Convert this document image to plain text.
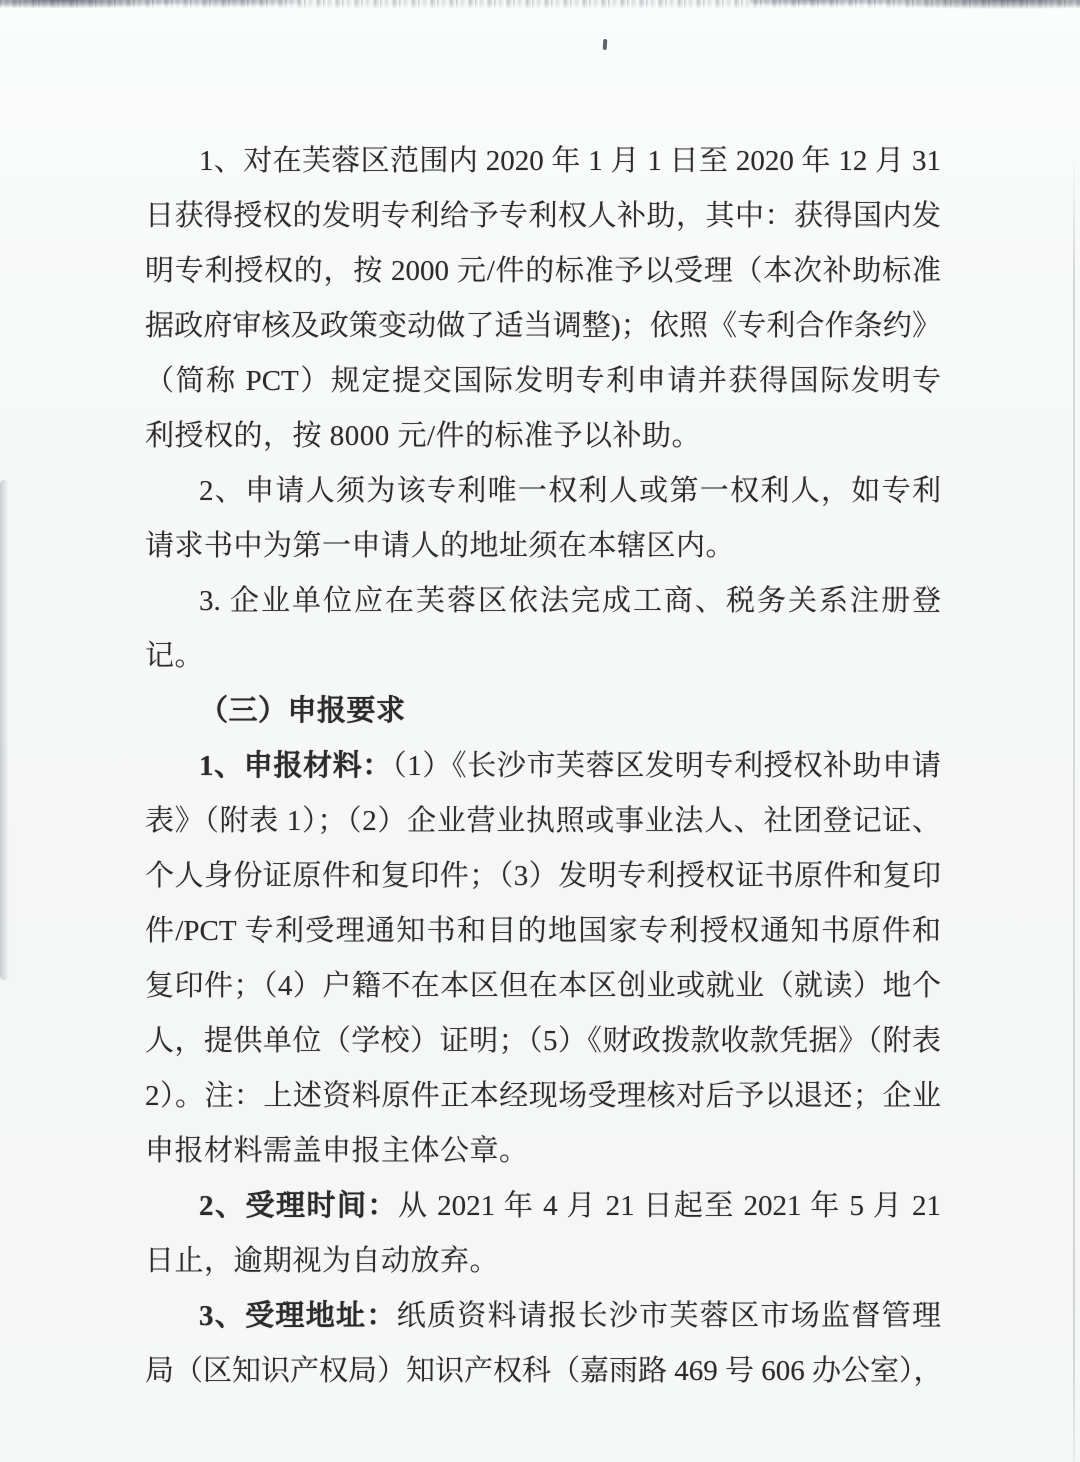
1、对在芙蓉区范围内 2020 年 1 月 1 日至 2020 年 12 月 31
日获得授权的发明专利给予专利权人补助，其中：获得国内发
明专利授权的，按 2000 元/件的标准予以受理（本次补助标准
据政府审核及政策变动做了适当调整)；依照《专利合作条约》
（简称 PCT）规定提交国际发明专利申请并获得国际发明专
利授权的，按 8000 元/件的标准予以补助。
2、申请人须为该专利唯一权利人或第一权利人，如专利
请求书中为第一申请人的地址须在本辖区内。
3. 企业单位应在芙蓉区依法完成工商、税务关系注册登
记。
（三）申报要求
1、申报材料：（1）《长沙市芙蓉区发明专利授权补助申请
表》（附表 1）；（2）企业营业执照或事业法人、社团登记证、
个人身份证原件和复印件；（3）发明专利授权证书原件和复印
件/PCT 专利受理通知书和目的地国家专利授权通知书原件和
复印件；（4）户籍不在本区但在本区创业或就业（就读）地个
人，提供单位（学校）证明；（5）《财政拨款收款凭据》（附表
2）。注：上述资料原件正本经现场受理核对后予以退还；企业
申报材料需盖申报主体公章。
2、受理时间：从 2021 年 4 月 21 日起至 2021 年 5 月 21
日止，逾期视为自动放弃。
3、受理地址：纸质资料请报长沙市芙蓉区市场监督管理
局（区知识产权局）知识产权科（嘉雨路 469 号 606 办公室），
